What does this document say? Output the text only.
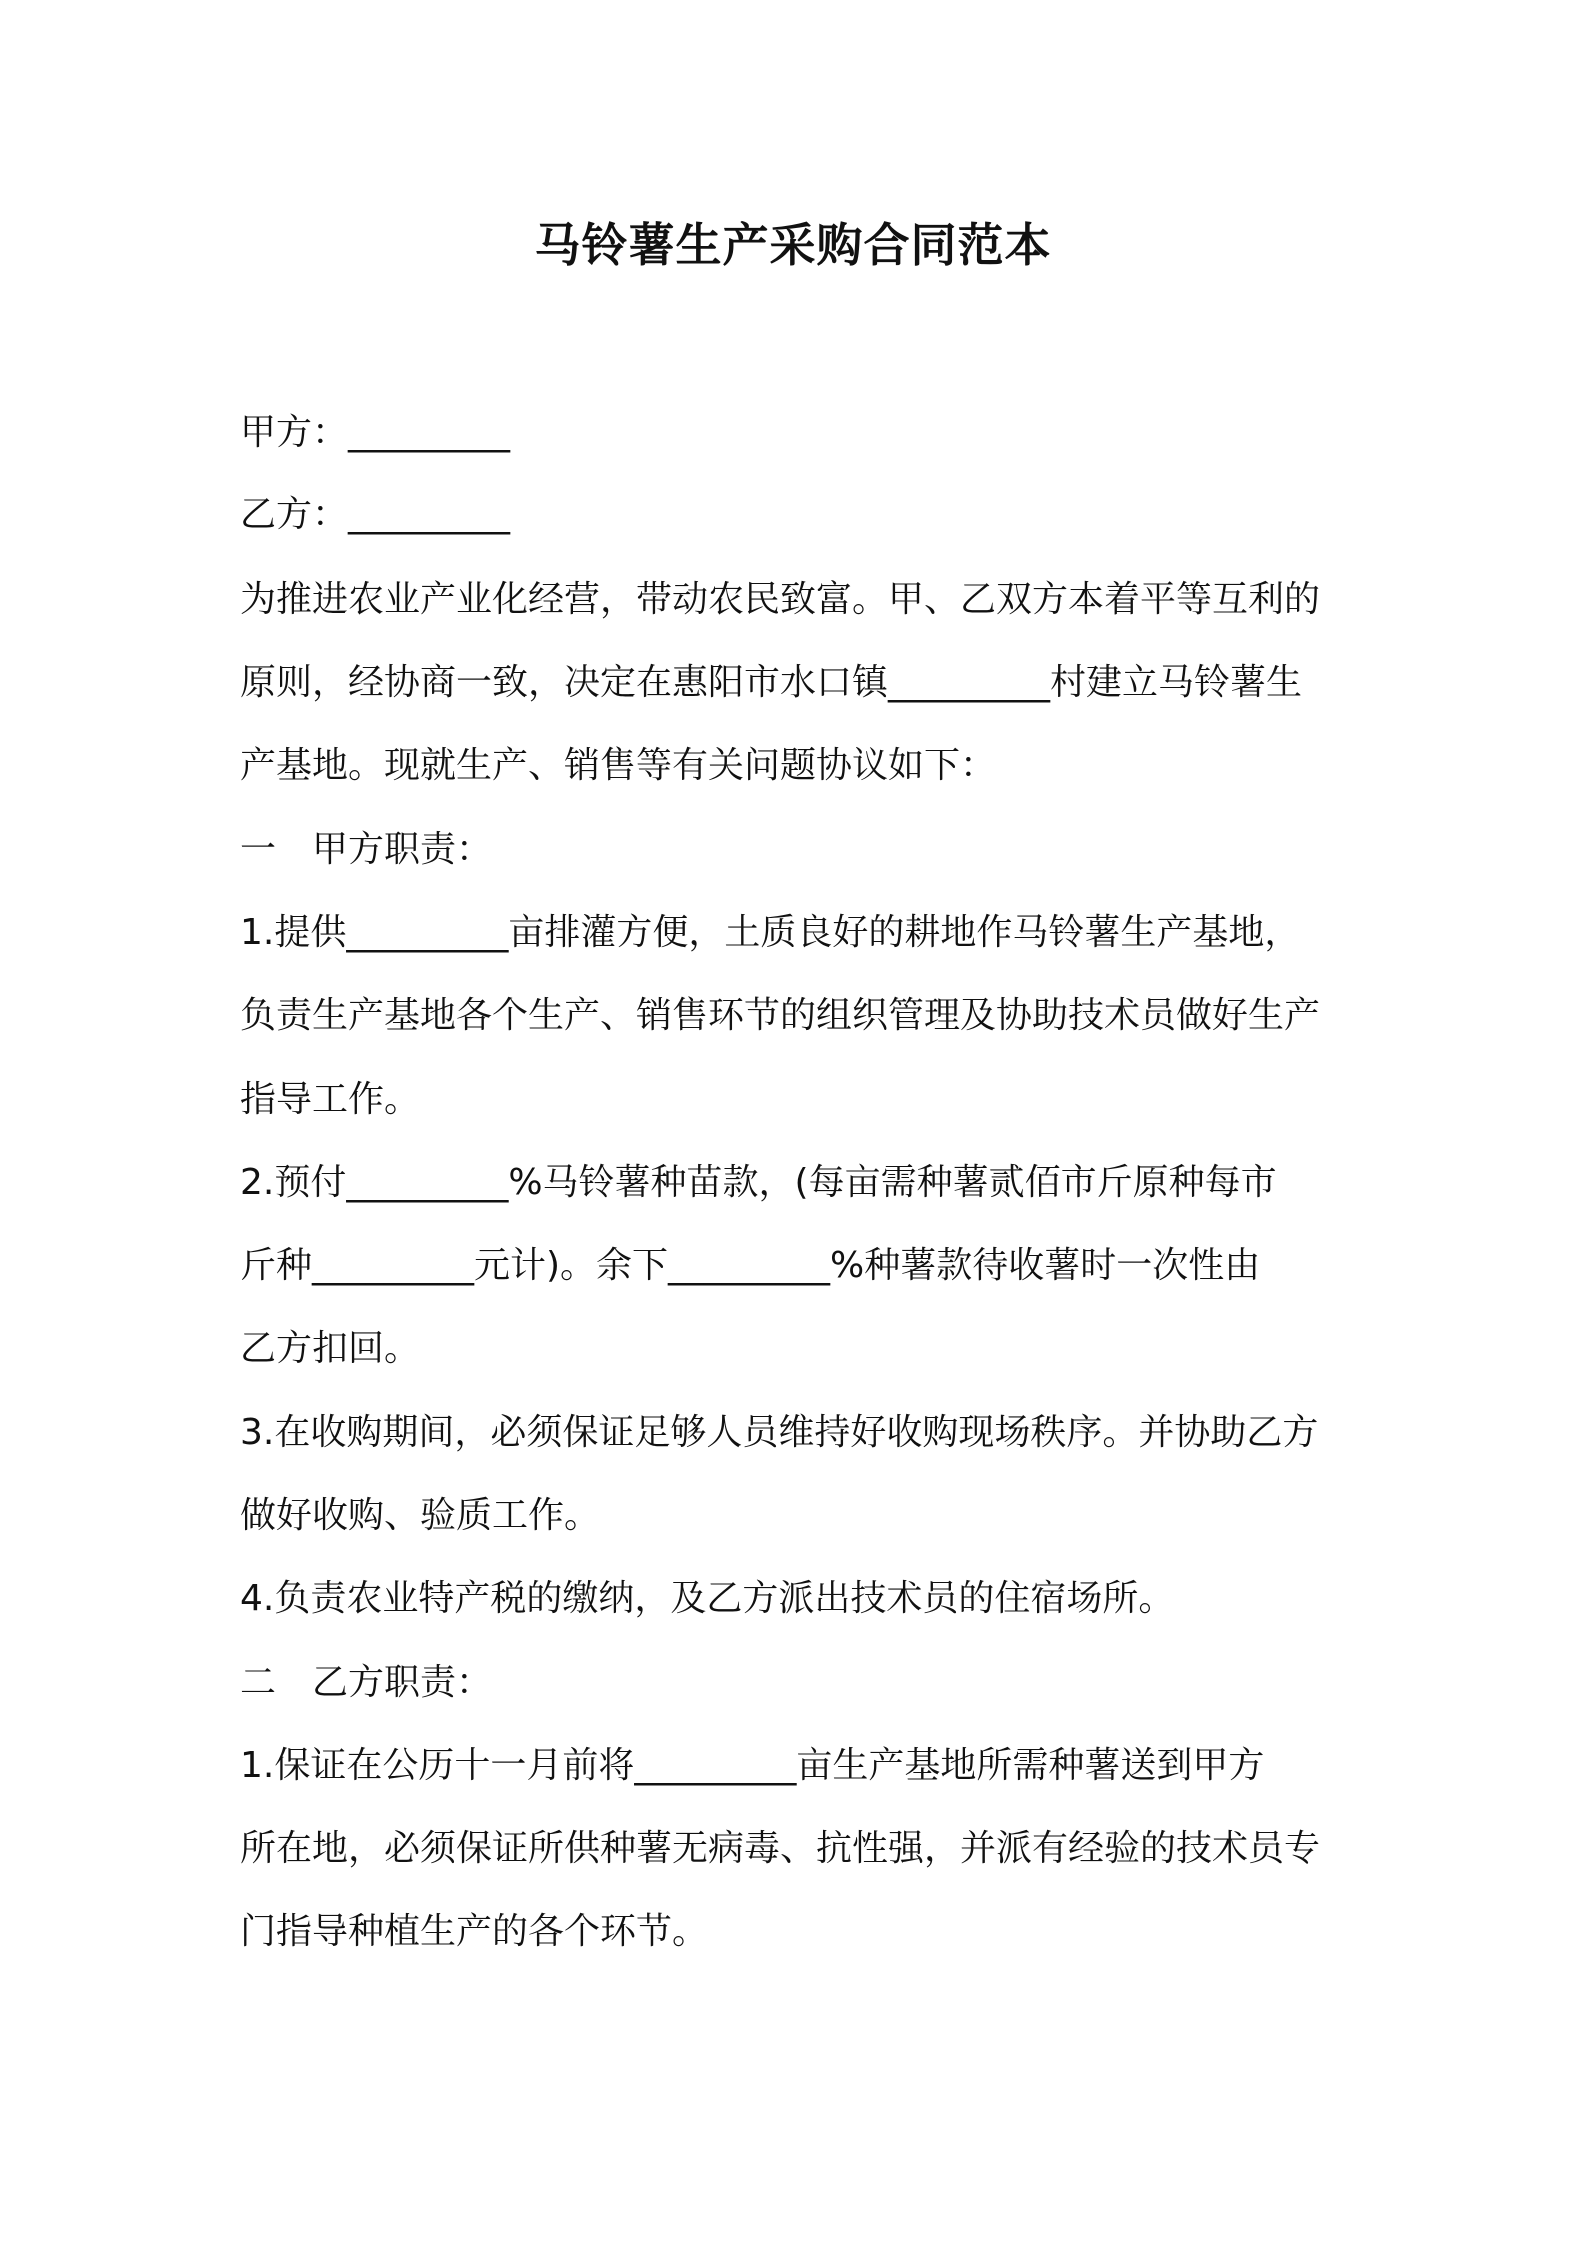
马铃薯生产采购合同范本
甲方：_________
乙方：_________
为推进农业产业化经营，带动农民致富。甲、乙双方本着平等互利的
原则，经协商一致，决定在惠阳市水口镇_________村建立马铃薯生
产基地。现就生产、销售等有关问题协议如下：
一　甲方职责：
1.提供_________亩排灌方便，土质良好的耕地作马铃薯生产基地，
负责生产基地各个生产、销售环节的组织管理及协助技术员做好生产
指导工作。
2.预付_________%马铃薯种苗款，(每亩需种薯贰佰市斤原种每市
斤种_________元计)。余下_________%种薯款待收薯时一次性由
乙方扣回。
3.在收购期间，必须保证足够人员维持好收购现场秩序。并协助乙方
做好收购、验质工作。
4.负责农业特产税的缴纳，及乙方派出技术员的住宿场所。
二　乙方职责：
1.保证在公历十一月前将_________亩生产基地所需种薯送到甲方
所在地，必须保证所供种薯无病毒、抗性强，并派有经验的技术员专
门指导种植生产的各个环节。
